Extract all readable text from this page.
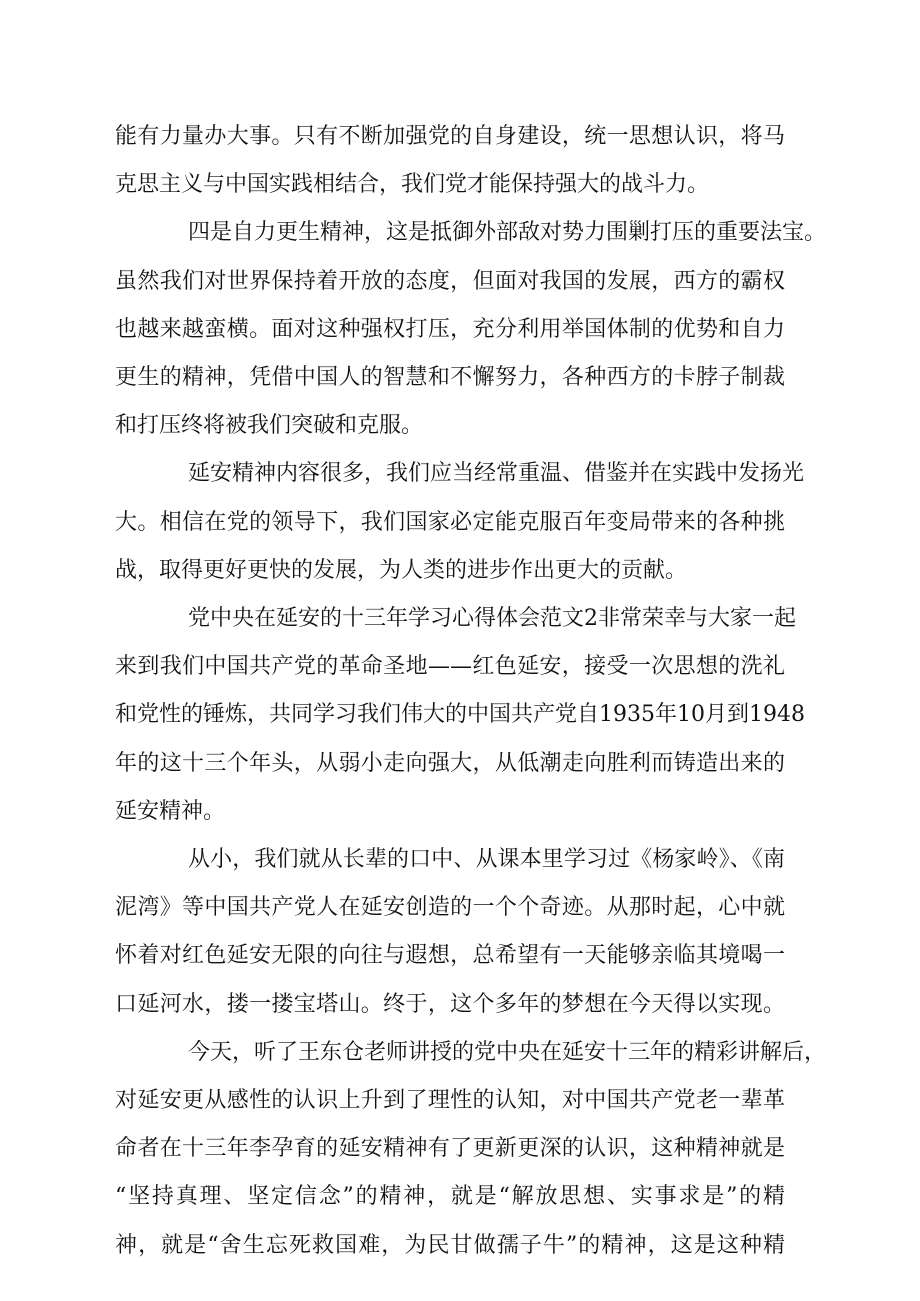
能有力量办大事。只有不断加强党的自身建设，统一思想认识，将马
克思主义与中国实践相结合，我们党才能保持强大的战斗力。
四是自力更生精神，这是抵御外部敌对势力围剿打压的重要法宝。
虽然我们对世界保持着开放的态度，但面对我国的发展，西方的霸权
也越来越蛮横。面对这种强权打压，充分利用举国体制的优势和自力
更生的精神，凭借中国人的智慧和不懈努力，各种西方的卡脖子制裁
和打压终将被我们突破和克服。
延安精神内容很多，我们应当经常重温、借鉴并在实践中发扬光
大。相信在党的领导下，我们国家必定能克服百年变局带来的各种挑
战，取得更好更快的发展，为人类的进步作出更大的贡献。
党中央在延安的十三年学习心得体会范文2非常荣幸与大家一起
来到我们中国共产党的革命圣地——红色延安，接受一次思想的洗礼
和党性的锤炼，共同学习我们伟大的中国共产党自1935年10月到1948
年的这十三个年头，从弱小走向强大，从低潮走向胜利而铸造出来的
延安精神。
从小，我们就从长辈的口中、从课本里学习过《杨家岭》、《南
泥湾》等中国共产党人在延安创造的一个个奇迹。从那时起，心中就
怀着对红色延安无限的向往与遐想，总希望有一天能够亲临其境喝一
口延河水，搂一搂宝塔山。终于，这个多年的梦想在今天得以实现。
今天，听了王东仓老师讲授的党中央在延安十三年的精彩讲解后，
对延安更从感性的认识上升到了理性的认知，对中国共产党老一辈革
命者在十三年李孕育的延安精神有了更新更深的认识，这种精神就是
“坚持真理、坚定信念”的精神，就是“解放思想、实事求是”的精
神，就是“舍生忘死救国难，为民甘做孺子牛”的精神，这是这种精
